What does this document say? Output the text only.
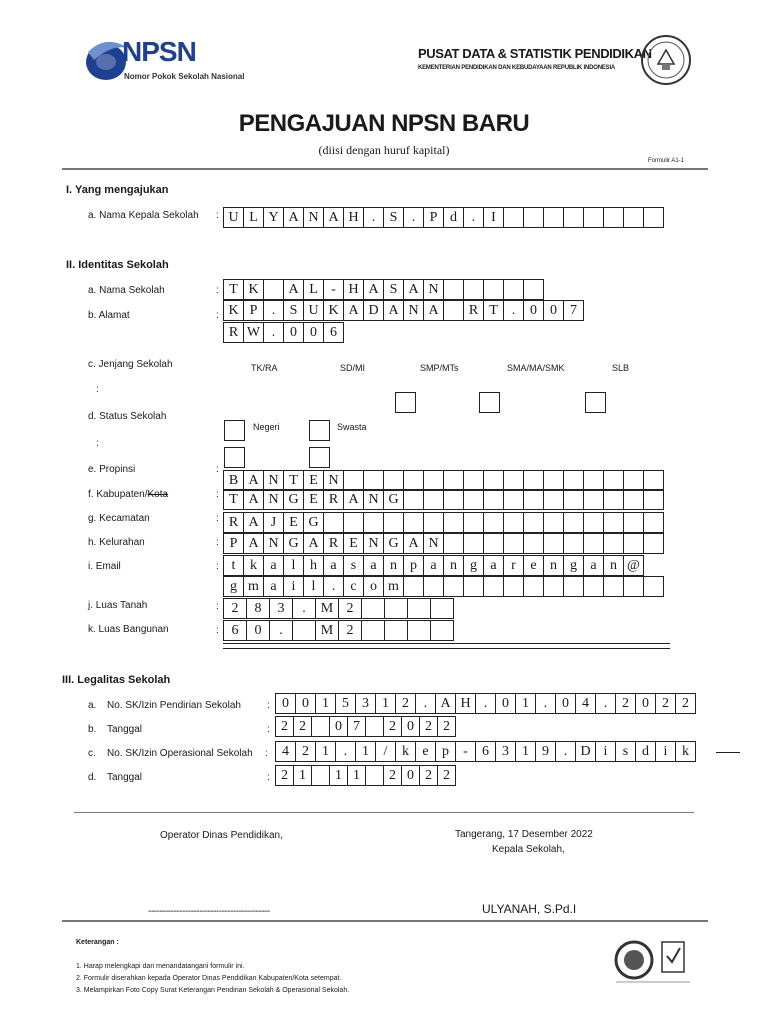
NPSN
Nomor Pokok Sekolah Nasional
PUSAT DATA & STATISTIK PENDIDIKAN
KEMENTERIAN PENDIDIKAN DAN KEBUDAYAAN REPUBLIK INDONESIA
PENGAJUAN NPSN BARU
(diisi dengan huruf kapital)
Formulir A1-1
I. Yang mengajukan
a. Nama Kepala Sekolah : U L Y A N A H .	S	.	P d	.	I
II. Identitas Sekolah
a. Nama Sekolah	: T K	A L - H A S A N
b. Alamat	: K P	.	S U K A D A N A	R T .	0 0 7
R W .	0 0 6
c. Jenjang Sekolah
:
TK/RA	SD/MI	SMP/MTs	SMA/MA/SMK	SLB
d. Status Sekolah
:
Negeri	Swasta
e. Propinsi	:
B A N T E N
f. Kabupaten/Kota	: T A N G E R A N G
g. Kecamatan	: R A J E G
h. Kelurahan	: P A N G A R E N G A N
i. Email	: t	k a	l	h a	s	a n p a n g a	r	e n g a n @
g m a	i	l	.	c o m
j. Luas Tanah	: 2	8	3	.	M 2
k. Luas Bangunan	: 6	0	.	M 2
III. Legalitas Sekolah
a. No. SK/Izin Pendirian Sekolah	: 0 0 1 5 3 1 2	. A H .	0 1	.	0 4	.	2 0 2 2
b. Tanggal	: 2 2	0 7	2 0 2 2
c. No. SK/Izin Operasional Sekolah :	4 2 1	.	1	/	k e p	-	6 3 1 9	. D i	s d	i	k
d. Tanggal	: 2 1	1 1	2 0 2 2
Operator Dinas Pendidikan,	Tangerang, 17 Desember 2022
Kepala Sekolah,
-------------------------------------------	ULYANAH, S.Pd.I
Keterangan :
1. Harap melengkapi dan menandatangani formulir ini.
2. Formulir diserahkan kepada Operator Dinas Pendidikan Kabupaten/Kota setempat.
3. Melampirkan Foto Copy Surat Keterangan Pendirian Sekolah & Operasional Sekolah.
